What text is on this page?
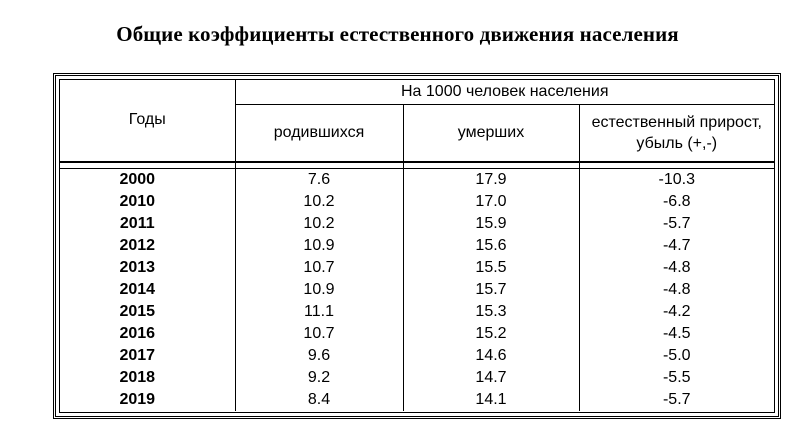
Общие коэффициенты естественного движения населения
Годы	На 1000 человек населения		
	родившихся	умерших	естественный прирост,
убыль (+,-)

2000	7.6	17.9	-10.3
2010	10.2	17.0	-6.8
2011	10.2	15.9	-5.7
2012	10.9	15.6	-4.7
2013	10.7	15.5	-4.8
2014	10.9	15.7	-4.8
2015	11.1	15.3	-4.2
2016	10.7	15.2	-4.5
2017	9.6	14.6	-5.0
2018	9.2	14.7	-5.5
2019	8.4	14.1	-5.7
